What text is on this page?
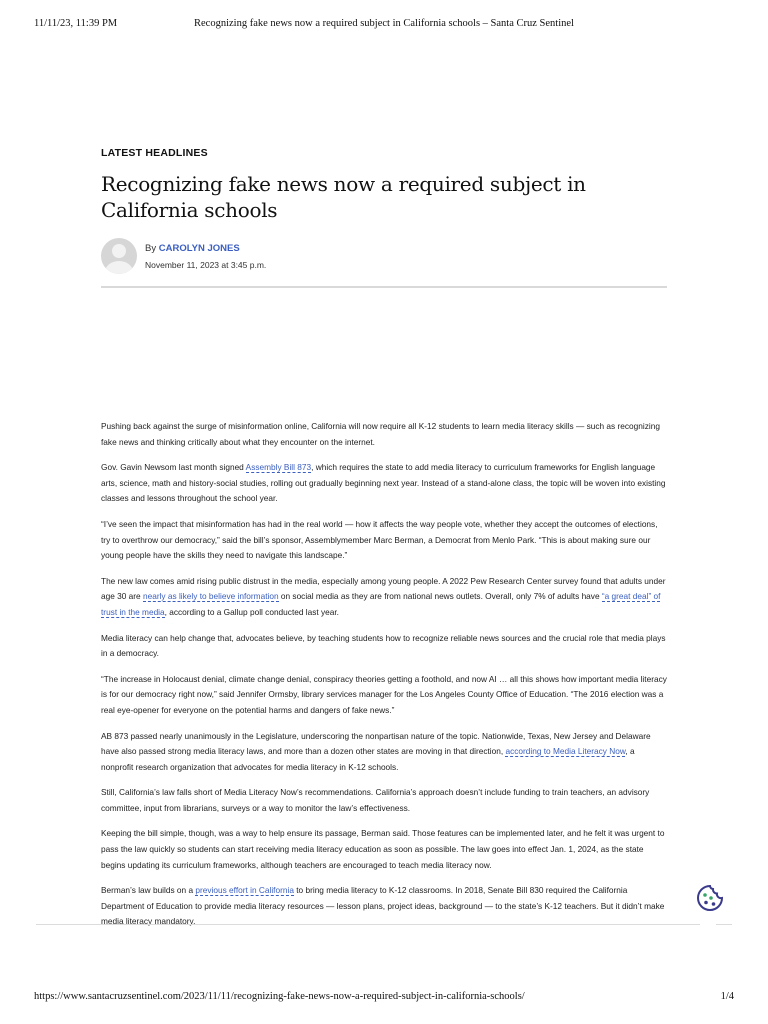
11/11/23, 11:39 PM	Recognizing fake news now a required subject in California schools – Santa Cruz Sentinel
LATEST HEADLINES
Recognizing fake news now a required subject in California schools
By CAROLYN JONES
November 11, 2023 at 3:45 p.m.

Pushing back against the surge of misinformation online, California will now require all K-12 students to learn media literacy skills — such as recognizing fake news and thinking critically about what they encounter on the internet.

Gov. Gavin Newsom last month signed Assembly Bill 873, which requires the state to add media literacy to curriculum frameworks for English language arts, science, math and history-social studies, rolling out gradually beginning next year. Instead of a stand-alone class, the topic will be woven into existing classes and lessons throughout the school year.

“I’ve seen the impact that misinformation has had in the real world — how it affects the way people vote, whether they accept the outcomes of elections, try to overthrow our democracy,” said the bill’s sponsor, Assemblymember Marc Berman, a Democrat from Menlo Park. “This is about making sure our young people have the skills they need to navigate this landscape.”

The new law comes amid rising public distrust in the media, especially among young people. A 2022 Pew Research Center survey found that adults under age 30 are nearly as likely to believe information on social media as they are from national news outlets. Overall, only 7% of adults have “a great deal” of trust in the media, according to a Gallup poll conducted last year.

Media literacy can help change that, advocates believe, by teaching students how to recognize reliable news sources and the crucial role that media plays in a democracy.

“The increase in Holocaust denial, climate change denial, conspiracy theories getting a foothold, and now AI … all this shows how important media literacy is for our democracy right now,” said Jennifer Ormsby, library services manager for the Los Angeles County Office of Education. “The 2016 election was a real eye-opener for everyone on the potential harms and dangers of fake news.”

AB 873 passed nearly unanimously in the Legislature, underscoring the nonpartisan nature of the topic. Nationwide, Texas, New Jersey and Delaware have also passed strong media literacy laws, and more than a dozen other states are moving in that direction, according to Media Literacy Now, a nonprofit research organization that advocates for media literacy in K-12 schools.

Still, California’s law falls short of Media Literacy Now’s recommendations. California’s approach doesn’t include funding to train teachers, an advisory committee, input from librarians, surveys or a way to monitor the law’s effectiveness.

Keeping the bill simple, though, was a way to help ensure its passage, Berman said. Those features can be implemented later, and he felt it was urgent to pass the law quickly so students can start receiving media literacy education as soon as possible. The law goes into effect Jan. 1, 2024, as the state begins updating its curriculum frameworks, although teachers are encouraged to teach media literacy now.

Berman’s law builds on a previous effort in California to bring media literacy to K-12 classrooms. In 2018, Senate Bill 830 required the California Department of Education to provide media literacy resources — lesson plans, project ideas, background — to the state’s K-12 teachers. But it didn’t make media literacy mandatory.

https://www.santacruzsentinel.com/2023/11/11/recognizing-fake-news-now-a-required-subject-in-california-schools/	1/4
